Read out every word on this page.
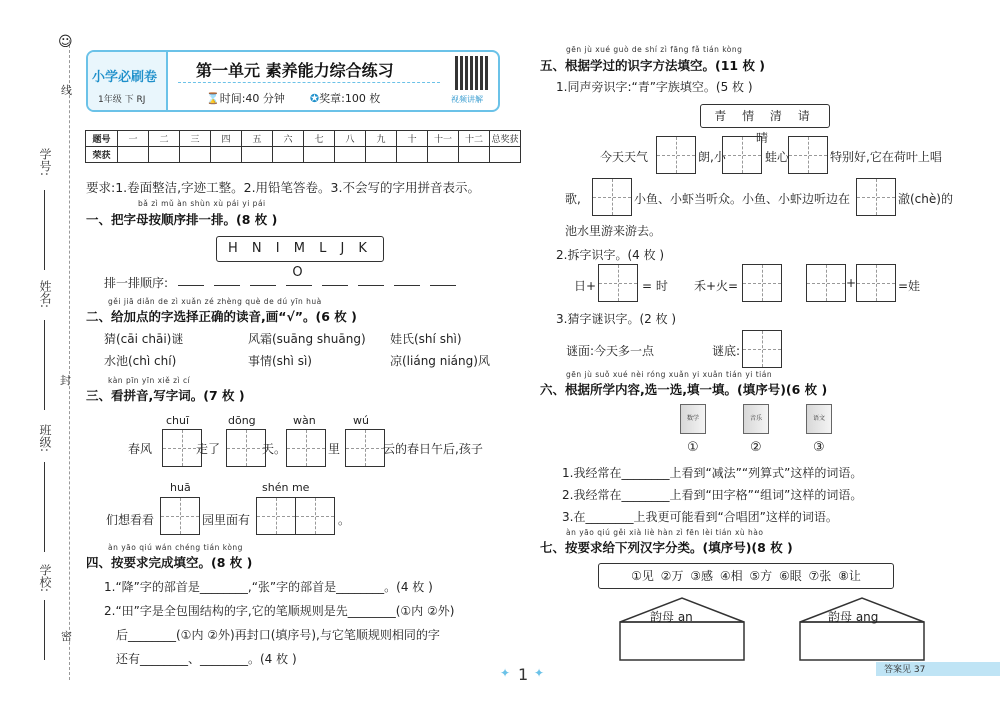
☺
线
封
密
学号:
姓名:
班级:
学校:
小学必刷卷
1年级 下 RJ
第一单元 素养能力综合练习
⌛时间:40 分钟 ✪奖章:100 枚	视频讲解
题号	一	二	三	四	五	六	七	八	九	十	十一	十二	总奖获
荣获													
要求:1.卷面整洁,字迹工整。2.用铅笔答卷。3.不会写的字用拼音表示。
bǎ zì mǔ àn shùn xù pái yi pái
一、把字母按顺序排一排。(8 枚 )
H N I M L J K O
排一排顺序:
gěi jiā diǎn de zì xuǎn zé zhèng què de dú yīn huà
二、给加点的字选择正确的读音,画“√”。(6 枚 )
猜(cāi chāi)谜	风霜(suāng shuāng) 娃氏(shí shì)
水池(chì chí)	事情(shì sì)	凉(liáng niáng)风
kàn pīn yīn xiě zì cí
三、看拼音,写字词。(7 枚 )
chuī	dōng	wàn	wú
春风	走了	天。	里	云的春日午后,孩子
huā	shén me
们想看看	园里面有	。
àn yāo qiú wán chéng tián kòng
四、按要求完成填空。(8 枚 )
1.“降”字的部首是________,“张”字的部首是________。(4 枚 )
2.“田”字是全包围结构的字,它的笔顺规则是先________(①内 ②外)
后________(①内 ②外)再封口(填序号),与它笔顺规则相同的字
还有________、________。(4 枚 )
gēn jù xué guò de shí zì fāng fǎ tián kòng
五、根据学过的识字方法填空。(11 枚 )
1.同声旁识字:“青”字族填空。(5 枚 )
青 情 清 请 晴
今天天气	朗,小	蛙心	特别好,它在荷叶上唱
歌,	小鱼、小虾当听众。小鱼、小虾边听边在	澈(chè)的
池水里游来游去。
2.拆字识字。(4 枚 )
日+	= 时 禾+火=	+	=娃
3.猜字谜识字。(2 枚 )
谜面:今天多一点	谜底:
gēn jù suǒ xué nèi róng xuǎn yi xuǎn tián yi tián
六、根据所学内容,选一选,填一填。(填序号)(6 枚 )
数学	音乐	语文
①	②	③
1.我经常在________上看到“减法”“列算式”这样的词语。
2.我经常在________上看到“田字格”“组词”这样的词语。
3.在________上我更可能看到“合唱团”这样的词语。
àn yāo qiú gěi xià liè hàn zì fēn lèi tián xù hào
七、按要求给下列汉字分类。(填序号)(8 枚 )
①见 ②万 ③感 ④相 ⑤方 ⑥眼 ⑦张 ⑧让
韵母 an	韵母 ang
✦ 1 ✦	答案见 37
